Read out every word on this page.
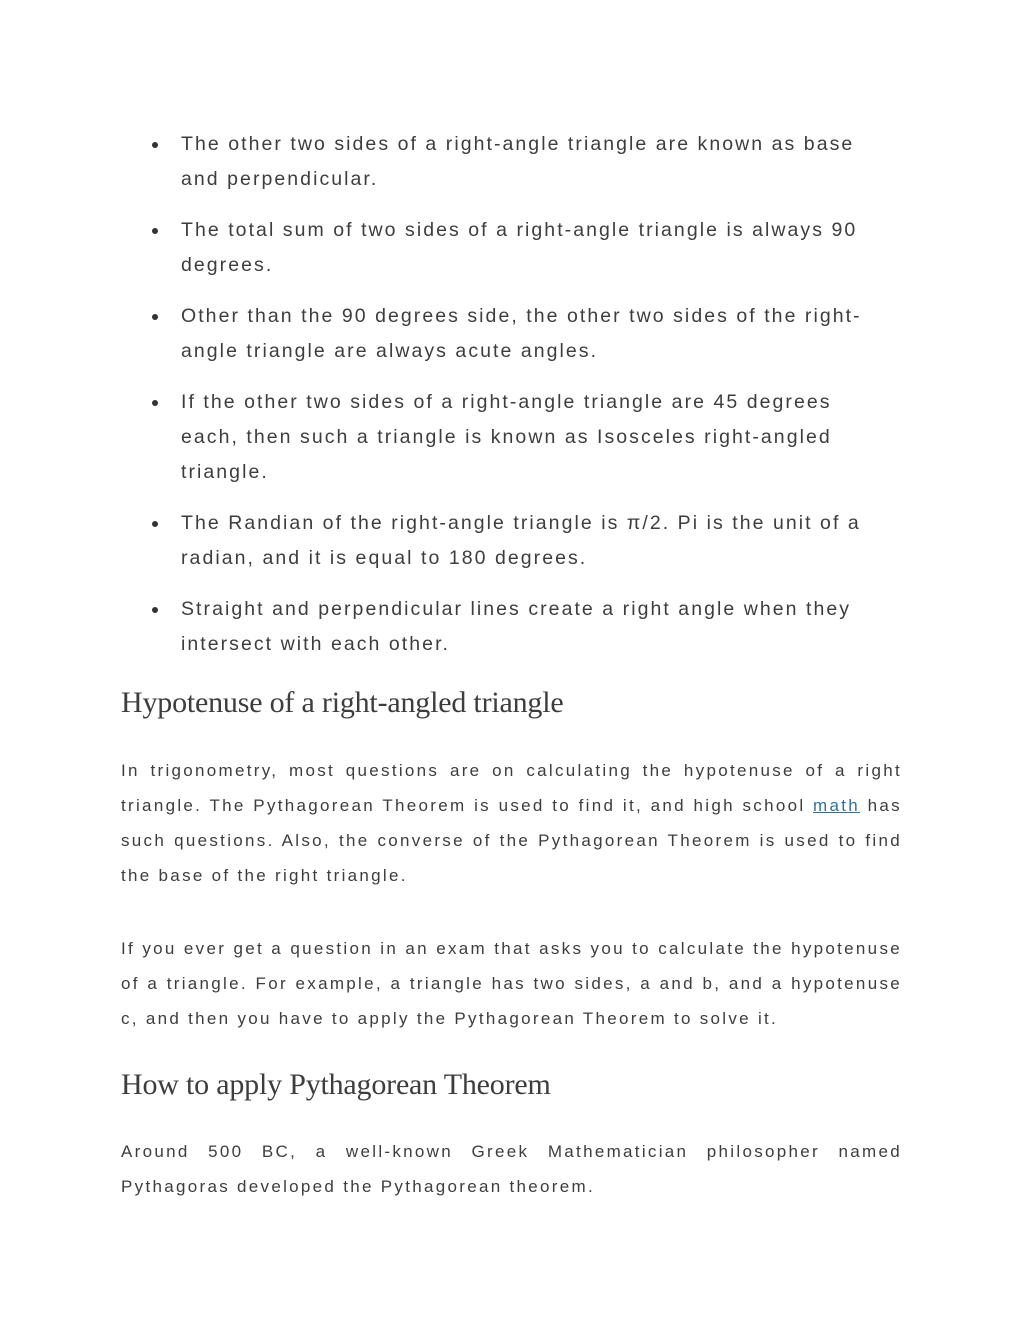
The other two sides of a right-angle triangle are known as base and perpendicular.
The total sum of two sides of a right-angle triangle is always 90 degrees.
Other than the 90 degrees side, the other two sides of the right-angle triangle are always acute angles.
If the other two sides of a right-angle triangle are 45 degrees each, then such a triangle is known as Isosceles right-angled triangle.
The Randian of the right-angle triangle is π/2. Pi is the unit of a radian, and it is equal to 180 degrees.
Straight and perpendicular lines create a right angle when they intersect with each other.
Hypotenuse of a right-angled triangle

In trigonometry, most questions are on calculating the hypotenuse of a right triangle. The Pythagorean Theorem is used to find it, and high school math has such questions. Also, the converse of the Pythagorean Theorem is used to find the base of the right triangle.

If you ever get a question in an exam that asks you to calculate the hypotenuse of a triangle. For example, a triangle has two sides, a and b, and a hypotenuse c, and then you have to apply the Pythagorean Theorem to solve it.

How to apply Pythagorean Theorem

Around 500 BC, a well-known Greek Mathematician philosopher named Pythagoras developed the Pythagorean theorem.
